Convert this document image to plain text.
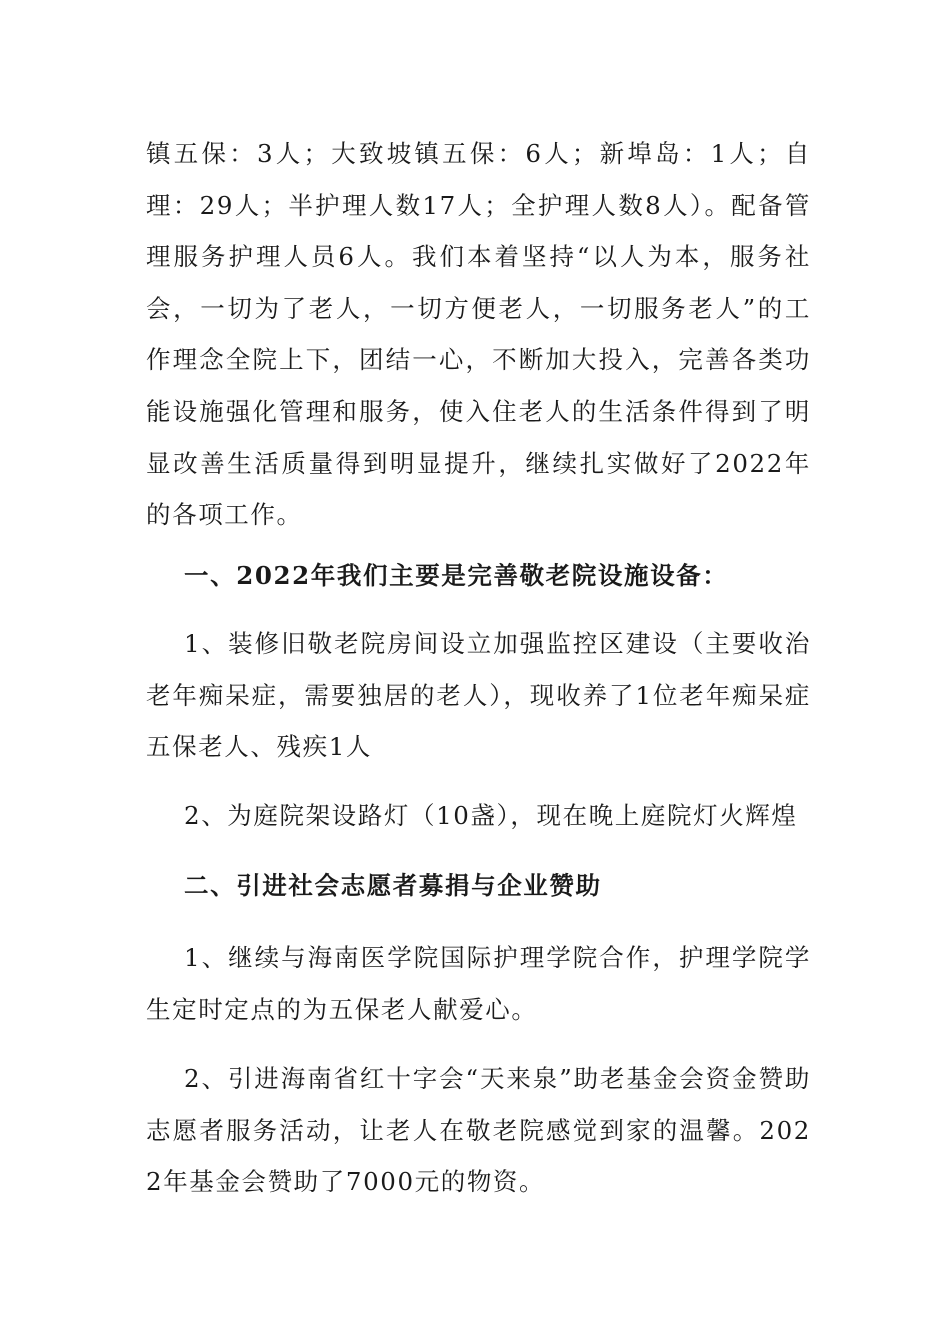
镇五保：3人；大致坡镇五保：6人；新埠岛：1人；自理：29人；半护理人数17人；全护理人数8人）。配备管理服务护理人员6人。我们本着坚持“以人为本，服务社会，一切为了老人，一切方便老人，一切服务老人”的工作理念全院上下，团结一心，不断加大投入，完善各类功能设施强化管理和服务，使入住老人的生活条件得到了明显改善生活质量得到明显提升，继续扎实做好了2022年的各项工作。

一、2022年我们主要是完善敬老院设施设备：

1、装修旧敬老院房间设立加强监控区建设（主要收治老年痴呆症，需要独居的老人），现收养了1位老年痴呆症五保老人、残疾1人

2、为庭院架设路灯（10盏），现在晚上庭院灯火辉煌

二、引进社会志愿者募捐与企业赞助

1、继续与海南医学院国际护理学院合作，护理学院学生定时定点的为五保老人献爱心。

2、引进海南省红十字会“天来泉”助老基金会资金赞助志愿者服务活动，让老人在敬老院感觉到家的温馨。2022年基金会赞助了7000元的物资。
